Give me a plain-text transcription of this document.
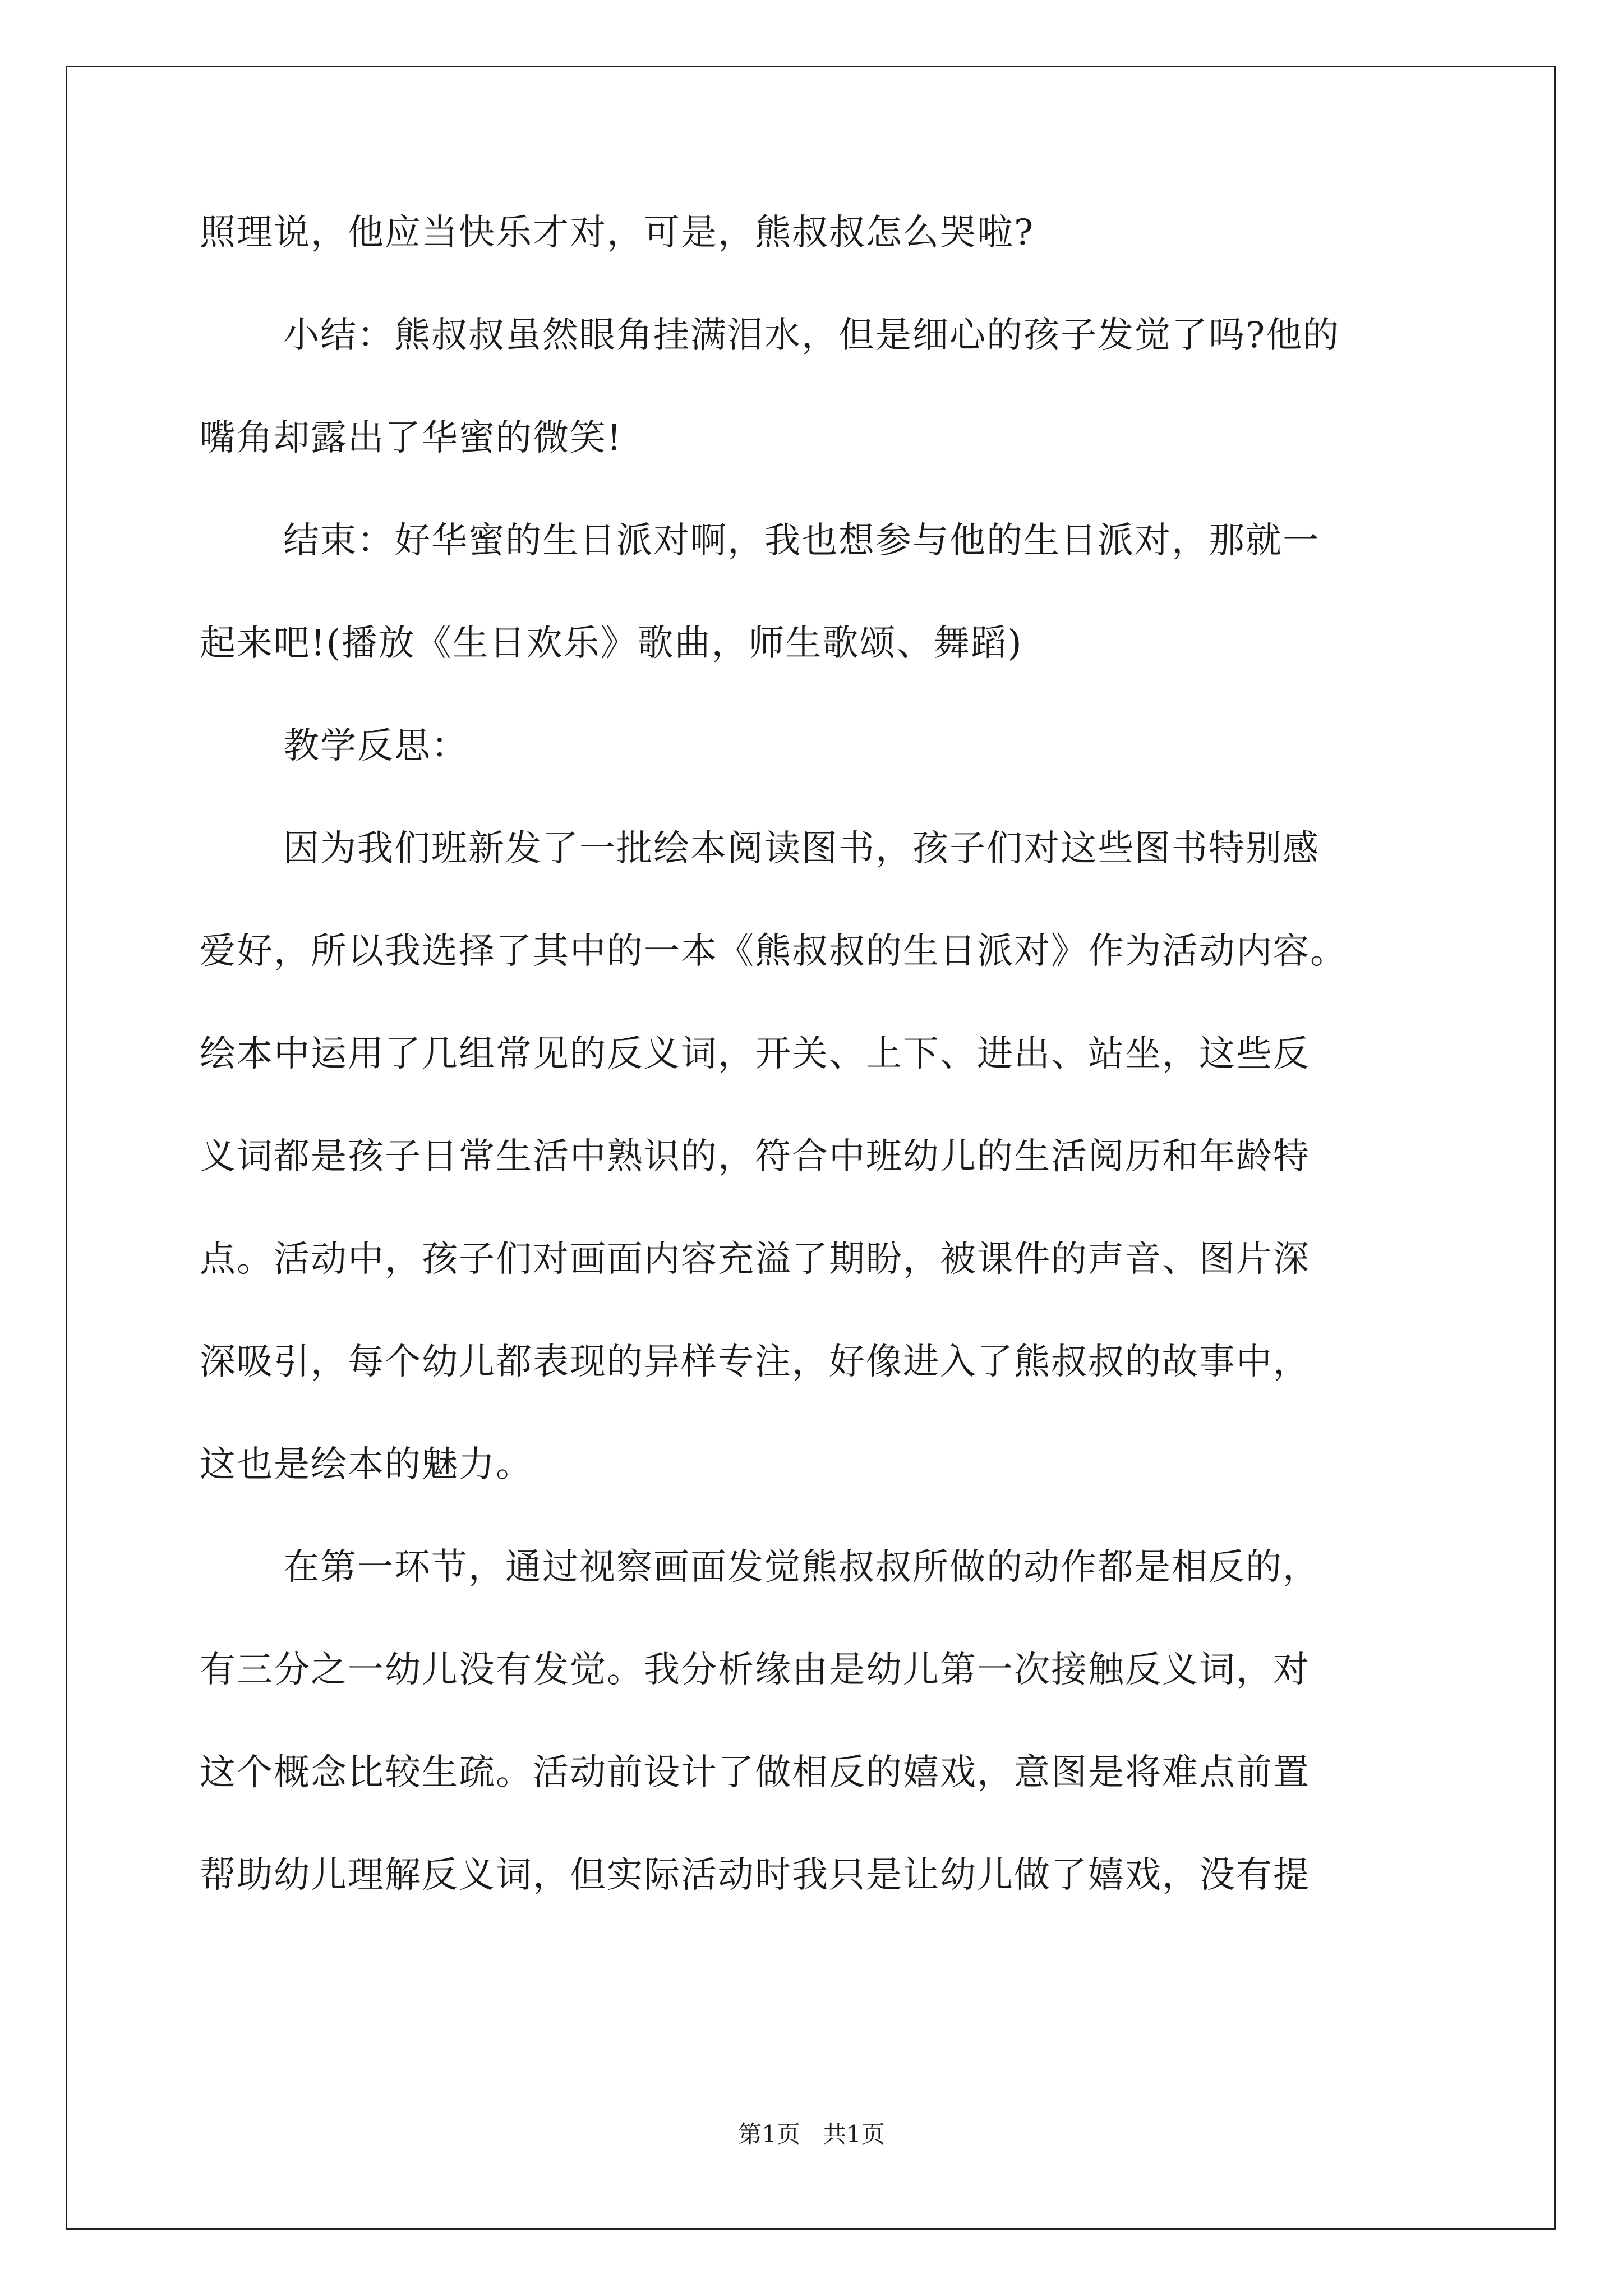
照理说，他应当快乐才对，可是，熊叔叔怎么哭啦?
小结：熊叔叔虽然眼角挂满泪水，但是细心的孩子发觉了吗?他的
嘴角却露出了华蜜的微笑!
结束：好华蜜的生日派对啊，我也想参与他的生日派对，那就一
起来吧!(播放《生日欢乐》歌曲，师生歌颂、舞蹈)
教学反思：
因为我们班新发了一批绘本阅读图书，孩子们对这些图书特别感
爱好，所以我选择了其中的一本《熊叔叔的生日派对》作为活动内容。
绘本中运用了几组常见的反义词，开关、上下、进出、站坐，这些反
义词都是孩子日常生活中熟识的，符合中班幼儿的生活阅历和年龄特
点。活动中，孩子们对画面内容充溢了期盼，被课件的声音、图片深
深吸引，每个幼儿都表现的异样专注，好像进入了熊叔叔的故事中，
这也是绘本的魅力。
在第一环节，通过视察画面发觉熊叔叔所做的动作都是相反的，
有三分之一幼儿没有发觉。我分析缘由是幼儿第一次接触反义词，对
这个概念比较生疏。活动前设计了做相反的嬉戏，意图是将难点前置
帮助幼儿理解反义词，但实际活动时我只是让幼儿做了嬉戏，没有提
第1页   共1页
